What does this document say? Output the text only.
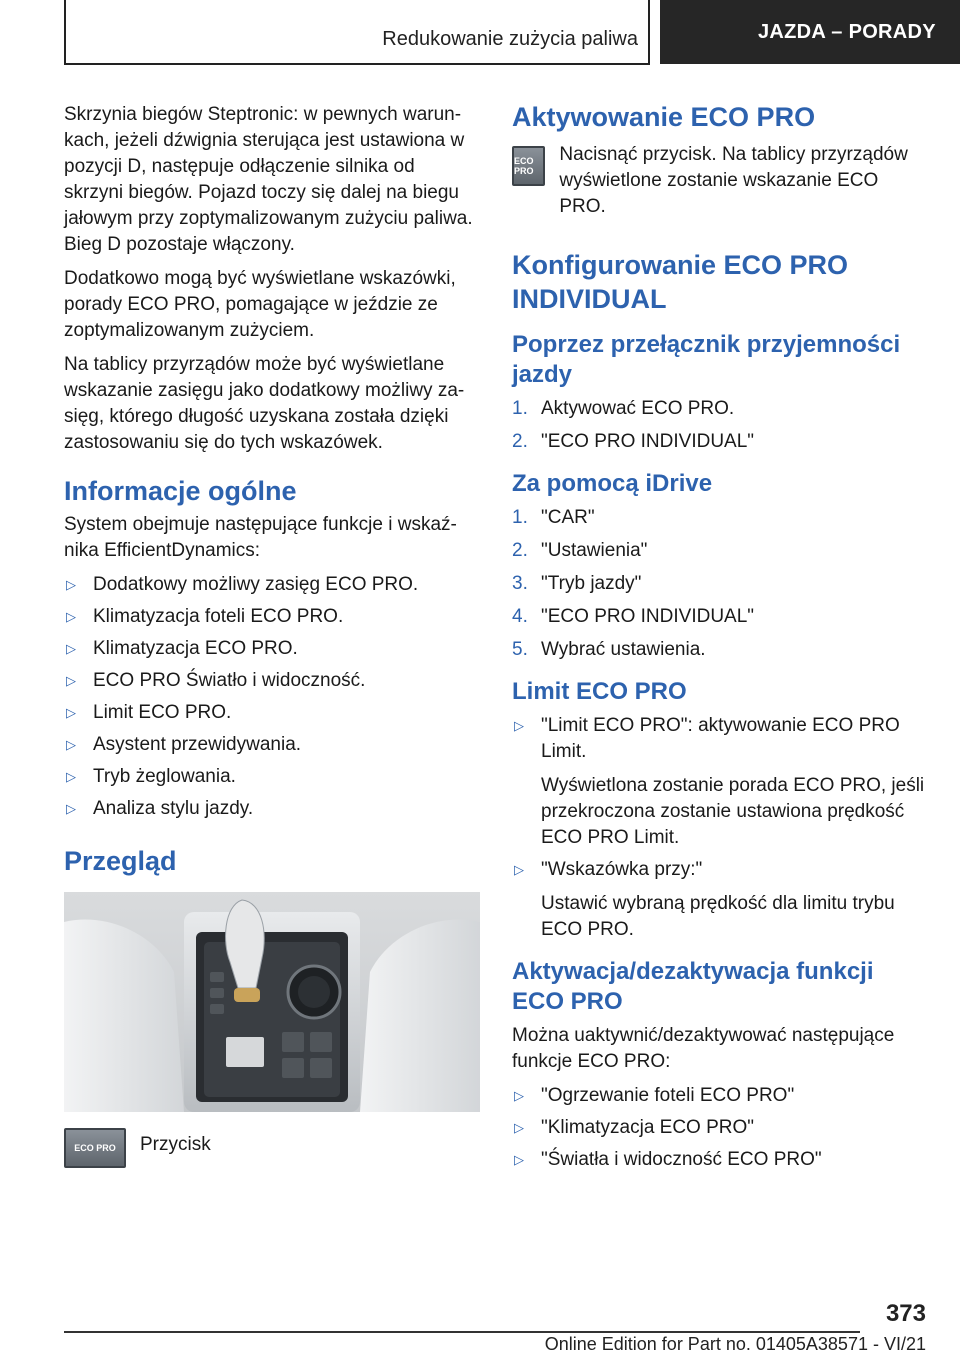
Redukowanie zużycia paliwa	JAZDA – PORADY

Skrzynia biegów Steptronic: w pewnych warunkach, jeżeli dźwignia sterująca jest ustawiona w pozycji D, następuje odłączenie silnika od skrzyni biegów. Pojazd toczy się dalej na biegu jałowym przy zoptymalizowanym zużyciu paliwa. Bieg D pozostaje włączony.

Dodatkowo mogą być wyświetlane wskazówki, porady ECO PRO, pomagające w jeździe ze zoptymalizowanym zużyciem.

Na tablicy przyrządów może być wyświetlane wskazanie zasięgu jako dodatkowy możliwy zasięg, którego długość uzyskana została dzięki zastosowaniu się do tych wskazówek.

Informacje ogólne

System obejmuje następujące funkcje i wskaźnika EfficientDynamics:

▷ Dodatkowy możliwy zasięg ECO PRO.
▷ Klimatyzacja foteli ECO PRO.
▷ Klimatyzacja ECO PRO.
▷ ECO PRO Światło i widoczność.
▷ Limit ECO PRO.
▷ Asystent przewidywania.
▷ Tryb żeglowania.
▷ Analiza stylu jazdy.
Przegląd
ECO PRO Przycisk

Aktywowanie ECO PRO
ECO PRO

Nacisnąć przycisk. Na tablicy przyrządów wyświetlone zostanie wskazanie ECO PRO.

Konfigurowanie ECO PRO INDIVIDUAL
Poprzez przełącznik przyjemności jazdy
1. Aktywować ECO PRO.
2. "ECO PRO INDIVIDUAL"
Za pomocą iDrive
1. "CAR"
2. "Ustawienia"
3. "Tryb jazdy"
4. "ECO PRO INDIVIDUAL"
5. Wybrać ustawienia.
Limit ECO PRO
▷ "Limit ECO PRO": aktywowanie ECO PRO Limit.
Wyświetlona zostanie porada ECO PRO, jeśli przekroczona zostanie ustawiona prędkość ECO PRO Limit.
▷ "Wskazówka przy:"
Ustawić wybraną prędkość dla limitu trybu ECO PRO.
Aktywacja/dezaktywacja funkcji ECO PRO

Można uaktywnić/dezaktywować następujące funkcje ECO PRO:

▷ "Ogrzewanie foteli ECO PRO"
▷ "Klimatyzacja ECO PRO"
▷ "Światła i widoczność ECO PRO"
373
Online Edition for Part no. 01405A38571 - VI/21
